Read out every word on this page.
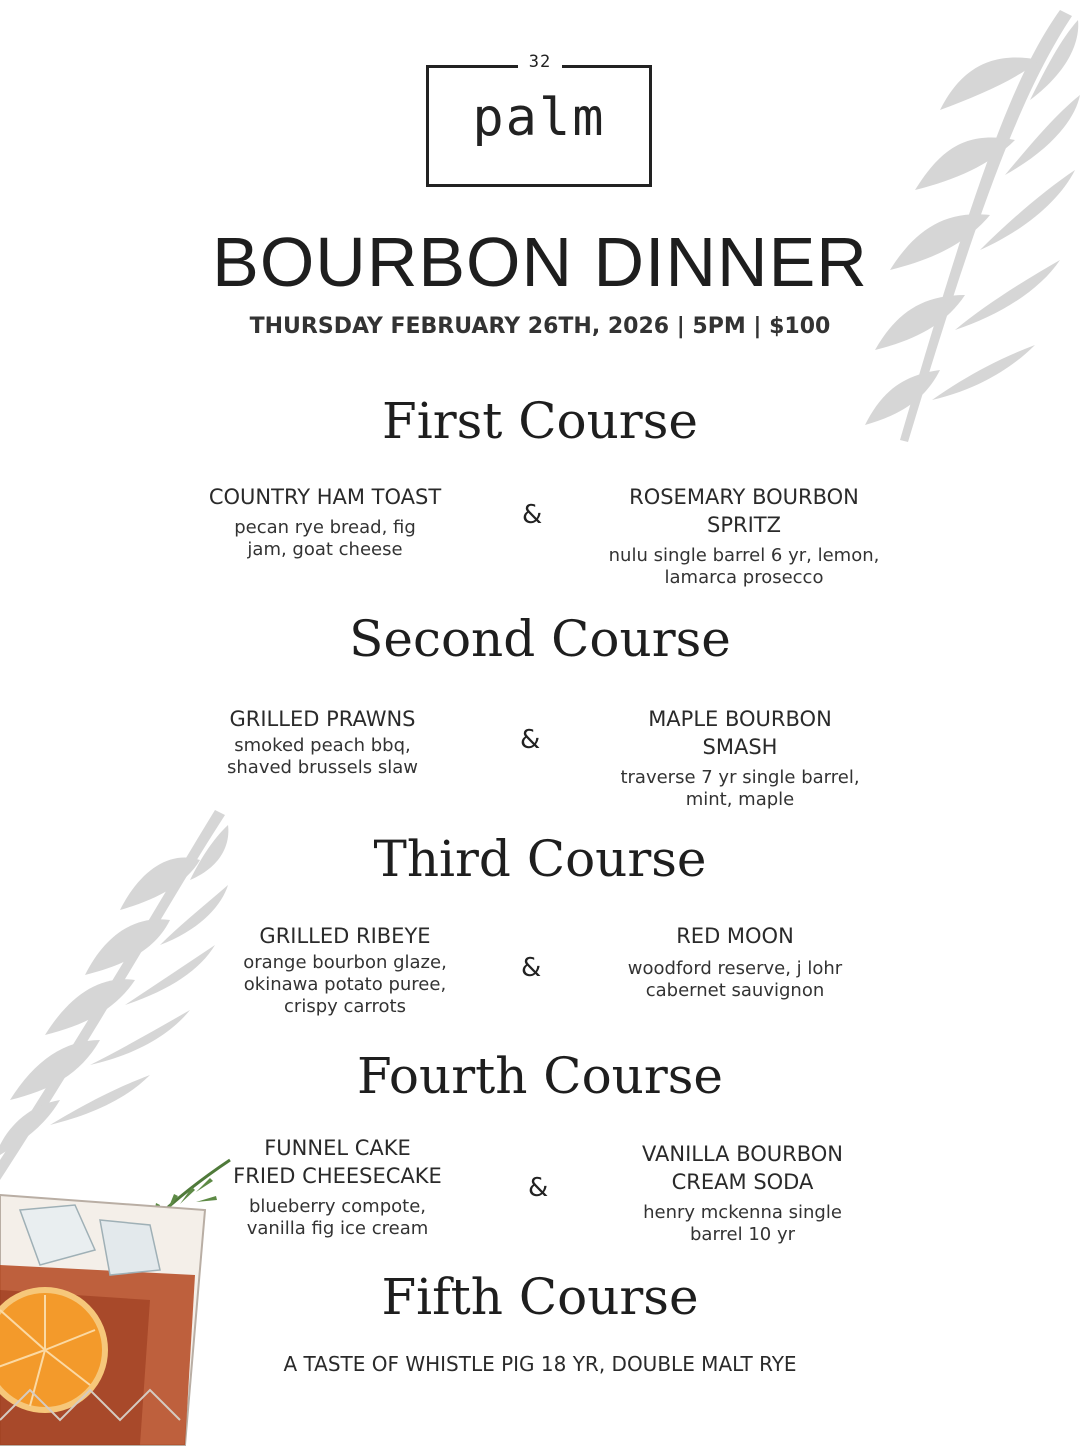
32
palm
BOURBON DINNER
THURSDAY FEBRUARY 26TH, 2026 | 5PM | $100
First Course
COUNTRY HAM TOAST
pecan rye bread, fig
jam, goat cheese
&
ROSEMARY BOURBON
SPRITZ
nulu single barrel 6 yr, lemon,
lamarca prosecco
Second Course
GRILLED PRAWNS
smoked peach bbq,
shaved brussels slaw
&
MAPLE BOURBON
SMASH
traverse 7 yr single barrel,
mint, maple
Third Course
GRILLED RIBEYE
orange bourbon glaze,
okinawa potato puree,
crispy carrots
&
RED MOON
woodford reserve, j lohr
cabernet sauvignon
Fourth Course
FUNNEL CAKE
FRIED CHEESECAKE
blueberry compote,
vanilla fig ice cream
&
VANILLA BOURBON
CREAM SODA
henry mckenna single
barrel 10 yr
Fifth Course
A TASTE OF WHISTLE PIG 18 YR, DOUBLE MALT RYE
